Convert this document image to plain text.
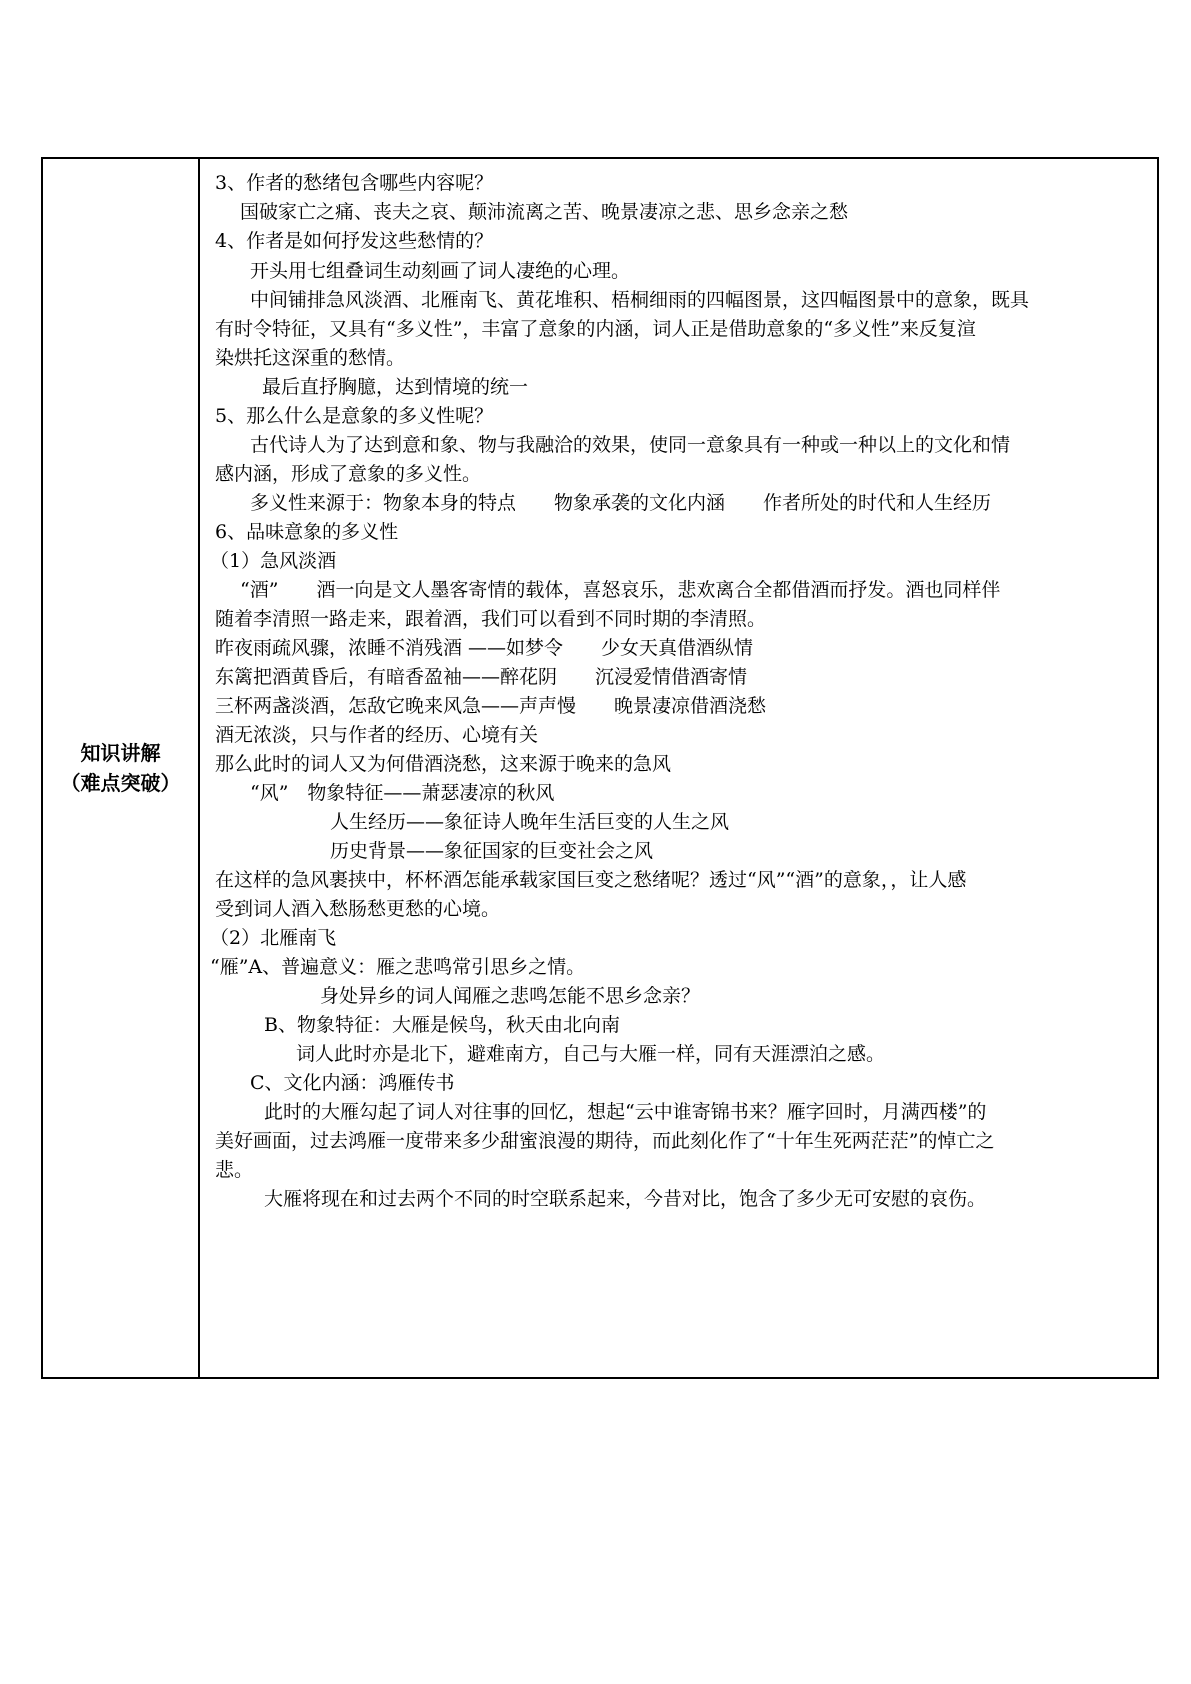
知识讲解
（难点突破）
3、作者的愁绪包含哪些内容呢？
国破家亡之痛、丧夫之哀、颠沛流离之苦、晚景凄凉之悲、思乡念亲之愁
4、作者是如何抒发这些愁情的？
开头用七组叠词生动刻画了词人凄绝的心理。
中间铺排急风淡酒、北雁南飞、黄花堆积、梧桐细雨的四幅图景，这四幅图景中的意象，既具
有时令特征，又具有“多义性”，丰富了意象的内涵，词人正是借助意象的“多义性”来反复渲
染烘托这深重的愁情。
最后直抒胸臆，达到情境的统一
5、那么什么是意象的多义性呢？
古代诗人为了达到意和象、物与我融洽的效果，使同一意象具有一种或一种以上的文化和情
感内涵，形成了意象的多义性。
多义性来源于：物象本身的特点　　物象承袭的文化内涵　　作者所处的时代和人生经历
6、品味意象的多义性
（1）急风淡酒
“酒”　　酒一向是文人墨客寄情的载体，喜怒哀乐，悲欢离合全都借酒而抒发。酒也同样伴
随着李清照一路走来，跟着酒，我们可以看到不同时期的李清照。
昨夜雨疏风骤，浓睡不消残酒 ——如梦令　　少女天真借酒纵情
东篱把酒黄昏后，有暗香盈袖——醉花阴　　沉浸爱情借酒寄情
三杯两盏淡酒，怎敌它晚来风急——声声慢　　晚景凄凉借酒浇愁
酒无浓淡，只与作者的经历、心境有关
那么此时的词人又为何借酒浇愁，这来源于晚来的急风
“风”　物象特征——萧瑟凄凉的秋风
人生经历——象征诗人晚年生活巨变的人生之风
历史背景——象征国家的巨变社会之风
在这样的急风裹挟中，杯杯酒怎能承载家国巨变之愁绪呢？透过“风”“酒”的意象，，让人感
受到词人酒入愁肠愁更愁的心境。
（2）北雁南飞
“雁”A、普遍意义：雁之悲鸣常引思乡之情。
身处异乡的词人闻雁之悲鸣怎能不思乡念亲？
B、物象特征：大雁是候鸟，秋天由北向南
词人此时亦是北下，避难南方，自己与大雁一样，同有天涯漂泊之感。
C、文化内涵：鸿雁传书
此时的大雁勾起了词人对往事的回忆，想起“云中谁寄锦书来？雁字回时，月满西楼”的
美好画面，过去鸿雁一度带来多少甜蜜浪漫的期待，而此刻化作了“十年生死两茫茫”的悼亡之
悲。
大雁将现在和过去两个不同的时空联系起来，今昔对比，饱含了多少无可安慰的哀伤。
